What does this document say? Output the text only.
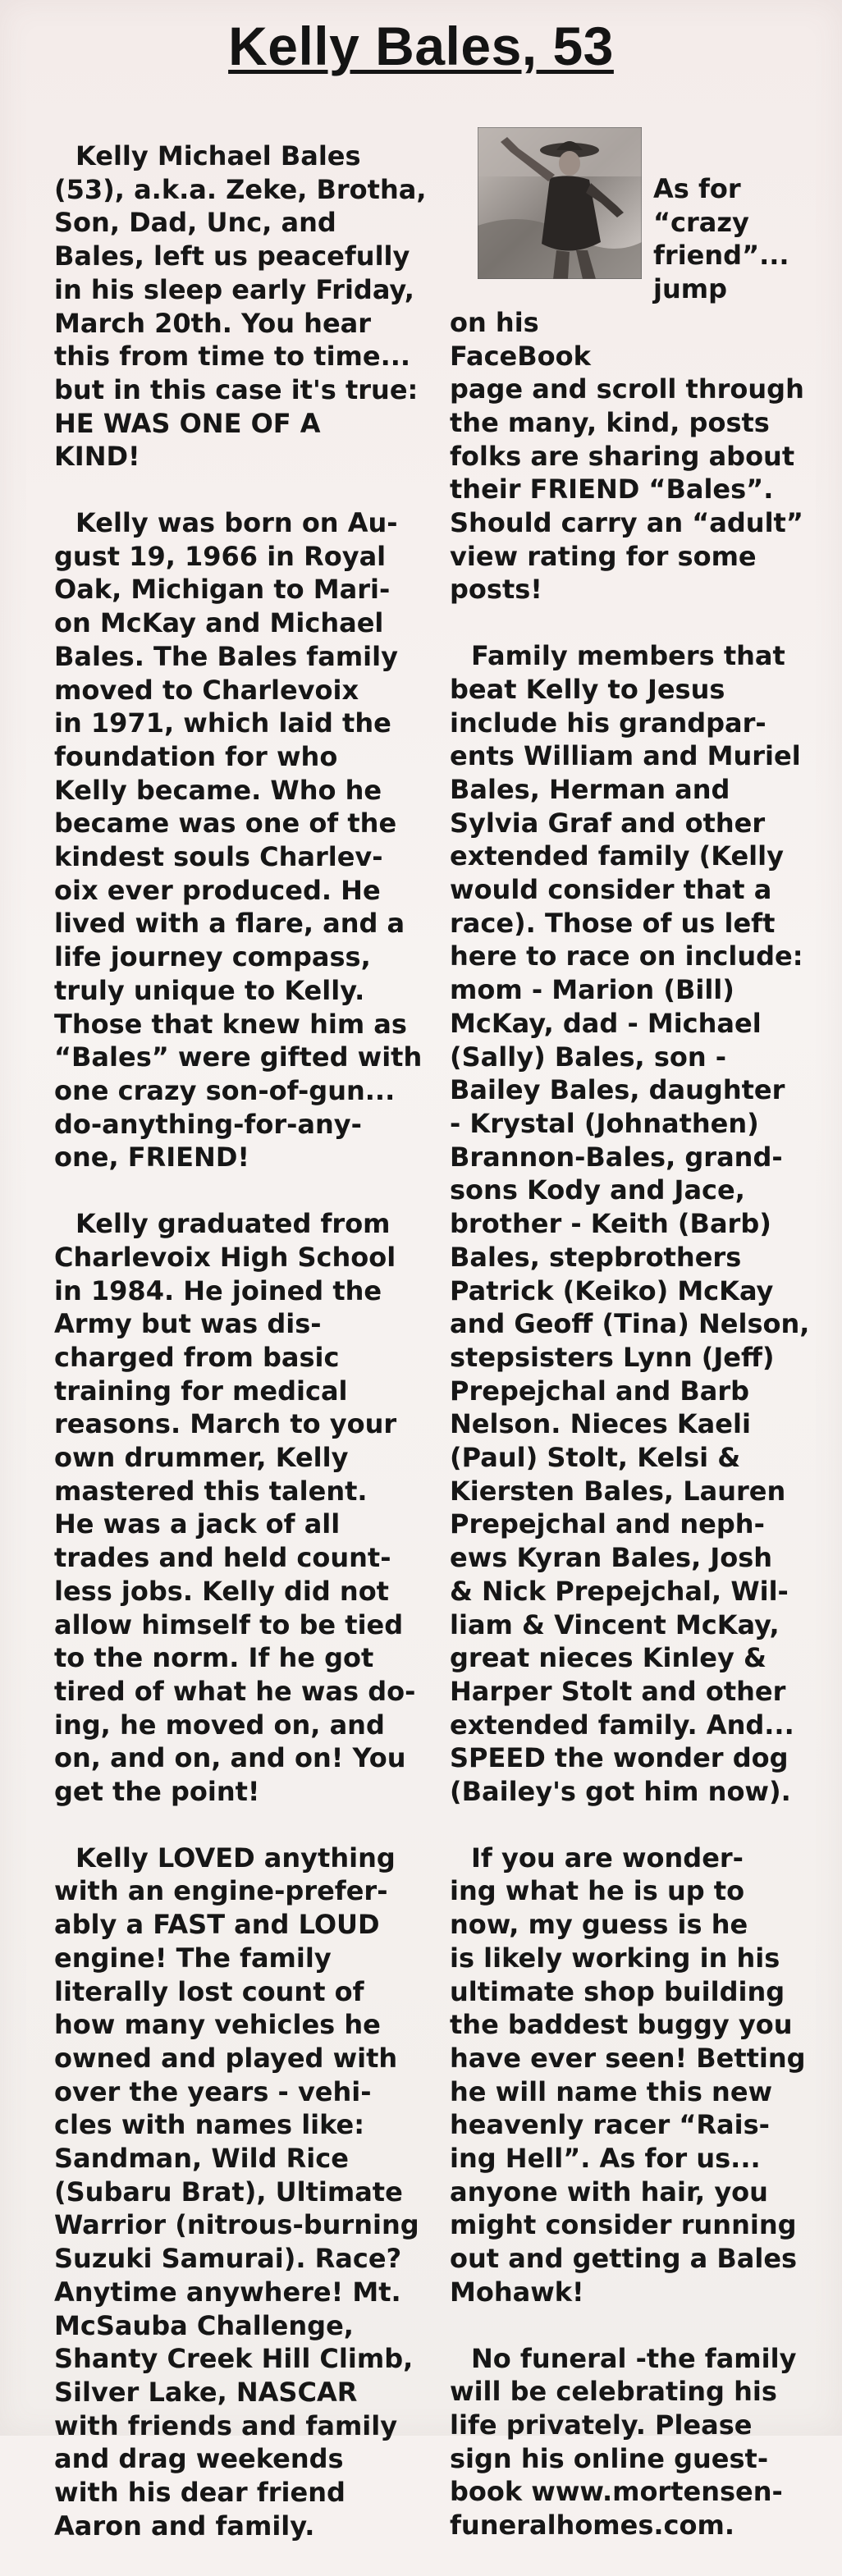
Kelly Bales, 53
Kelly Michael Bales
(53), a.k.a. Zeke, Brotha,
Son, Dad, Unc, and
Bales, left us peacefully
in his sleep early Friday,
March 20th. You hear
this from time to time...
but in this case it's true:
HE WAS ONE OF A
KIND!
Kelly was born on Au-
gust 19, 1966 in Royal
Oak, Michigan to Mari-
on McKay and Michael
Bales. The Bales family
moved to Charlevoix
in 1971, which laid the
foundation for who
Kelly became. Who he
became was one of the
kindest souls Charlev-
oix ever produced. He
lived with a flare, and a
life journey compass,
truly unique to Kelly.
Those that knew him as
“Bales” were gifted with
one crazy son-of-gun...
do-anything-for-any-
one, FRIEND!
Kelly graduated from
Charlevoix High School
in 1984. He joined the
Army but was dis-
charged from basic
training for medical
reasons. March to your
own drummer, Kelly
mastered this talent.
He was a jack of all
trades and held count-
less jobs. Kelly did not
allow himself to be tied
to the norm. If he got
tired of what he was do-
ing, he moved on, and
on, and on, and on! You
get the point!
Kelly LOVED anything
with an engine-prefer-
ably a FAST and LOUD
engine! The family
literally lost count of
how many vehicles he
owned and played with
over the years - vehi-
cles with names like:
Sandman, Wild Rice
(Subaru Brat), Ultimate
Warrior (nitrous-burning
Suzuki Samurai). Race?
Anytime anywhere! Mt.
McSauba Challenge,
Shanty Creek Hill Climb,
Silver Lake, NASCAR
with friends and family
and drag weekends
with his dear friend
Aaron and family.
As for
“crazy
friend”...
jump
on his
FaceBook
page and scroll through
the many, kind, posts
folks are sharing about
their FRIEND “Bales”.
Should carry an “adult”
view rating for some
posts!
Family members that
beat Kelly to Jesus
include his grandpar-
ents William and Muriel
Bales, Herman and
Sylvia Graf and other
extended family (Kelly
would consider that a
race). Those of us left
here to race on include:
mom - Marion (Bill)
McKay, dad - Michael
(Sally) Bales, son -
Bailey Bales, daughter
- Krystal (Johnathen)
Brannon-Bales, grand-
sons Kody and Jace,
brother - Keith (Barb)
Bales, stepbrothers
Patrick (Keiko) McKay
and Geoff (Tina) Nelson,
stepsisters Lynn (Jeff)
Prepejchal and Barb
Nelson. Nieces Kaeli
(Paul) Stolt, Kelsi &
Kiersten Bales, Lauren
Prepejchal and neph-
ews Kyran Bales, Josh
& Nick Prepejchal, Wil-
liam & Vincent McKay,
great nieces Kinley &
Harper Stolt and other
extended family. And...
SPEED the wonder dog
(Bailey's got him now).
If you are wonder-
ing what he is up to
now, my guess is he
is likely working in his
ultimate shop building
the baddest buggy you
have ever seen! Betting
he will name this new
heavenly racer “Rais-
ing Hell”. As for us...
anyone with hair, you
might consider running
out and getting a Bales
Mohawk!
No funeral -the family
will be celebrating his
life privately. Please
sign his online guest-
book www.mortensen-
funeralhomes.com.
